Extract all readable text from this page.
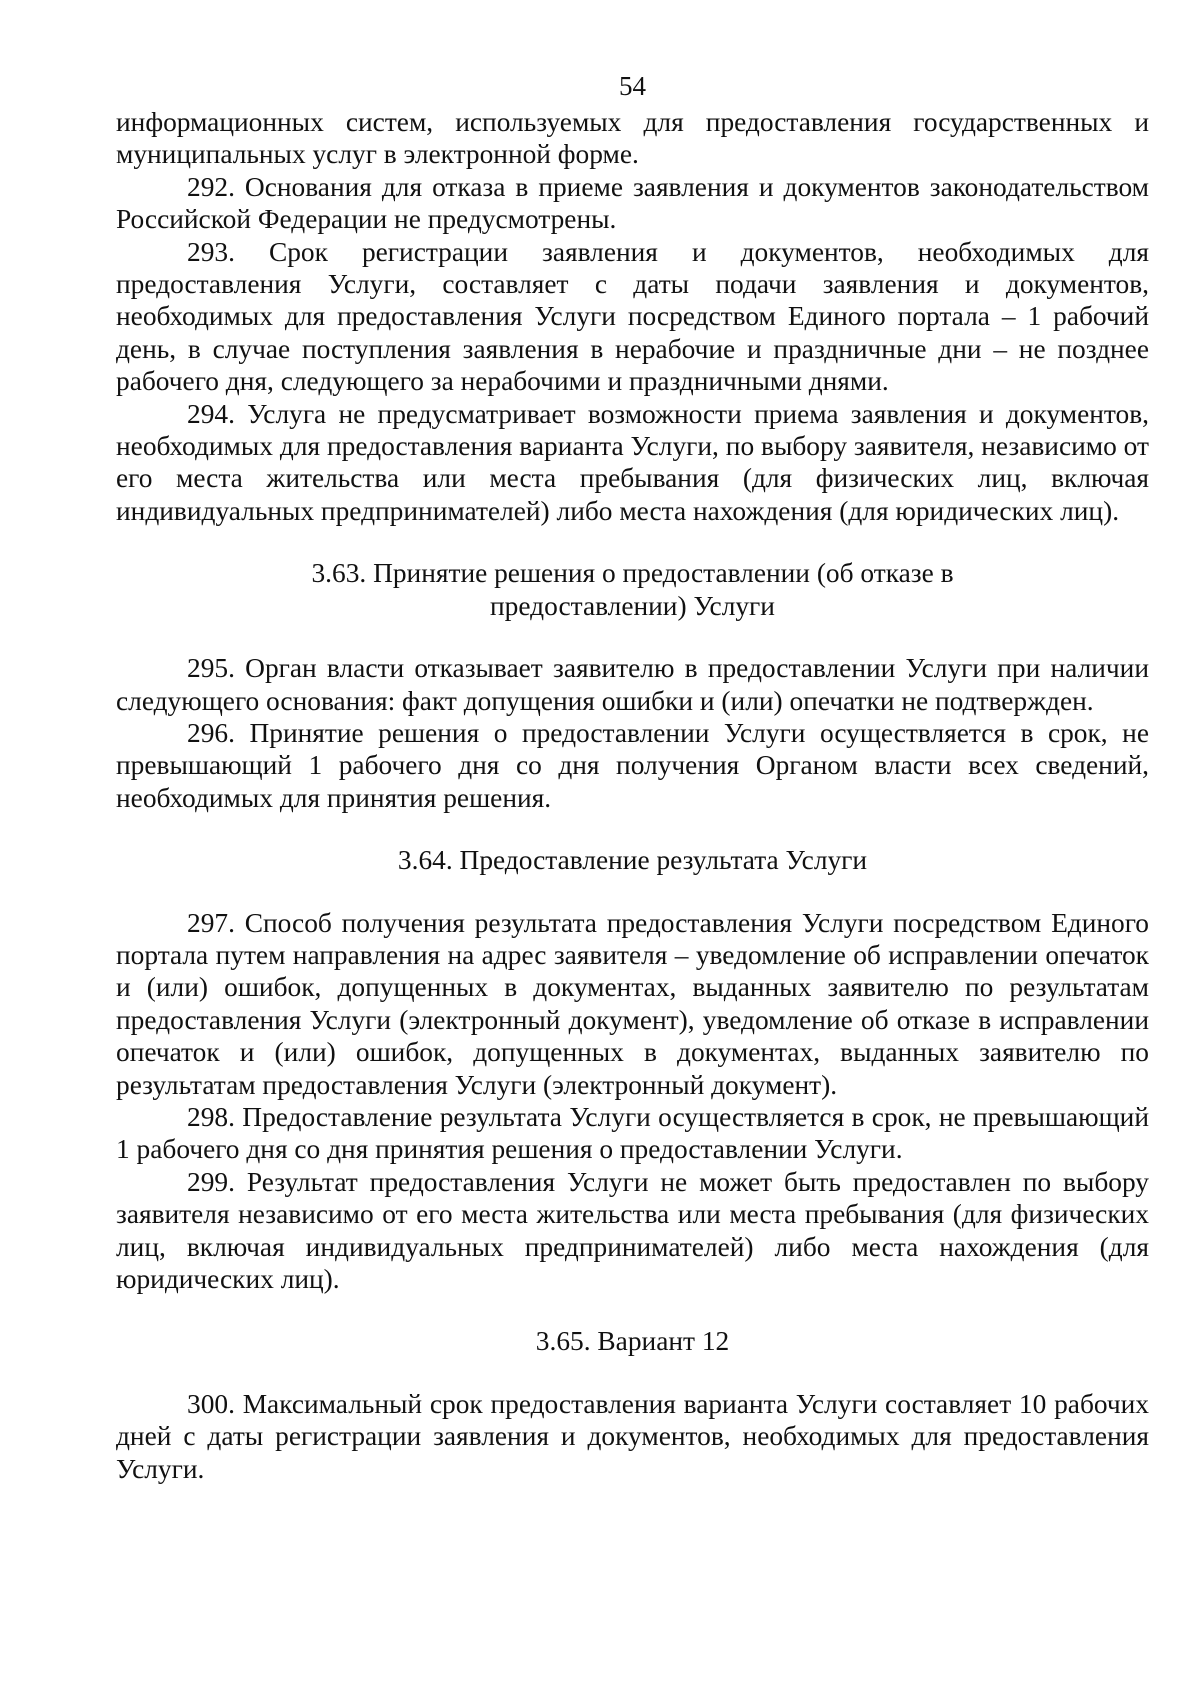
54

информационных систем, используемых для предоставления государственных и муниципальных услуг в электронной форме.

292. Основания для отказа в приеме заявления и документов законодательством Российской Федерации не предусмотрены.

293. Срок регистрации заявления и документов, необходимых для предоставления Услуги, составляет с даты подачи заявления и документов, необходимых для предоставления Услуги посредством Единого портала – 1 рабочий день, в случае поступления заявления в нерабочие и праздничные дни – не позднее рабочего дня, следующего за нерабочими и праздничными днями.

294. Услуга не предусматривает возможности приема заявления и документов, необходимых для предоставления варианта Услуги, по выбору заявителя, независимо от его места жительства или места пребывания (для физических лиц, включая индивидуальных предпринимателей) либо места нахождения (для юридических лиц).

3.63. Принятие решения о предоставлении (об отказе в предоставлении) Услуги

295. Орган власти отказывает заявителю в предоставлении Услуги при наличии следующего основания: факт допущения ошибки и (или) опечатки не подтвержден.

296. Принятие решения о предоставлении Услуги осуществляется в срок, не превышающий 1 рабочего дня со дня получения Органом власти всех сведений, необходимых для принятия решения.

3.64. Предоставление результата Услуги

297. Способ получения результата предоставления Услуги посредством Единого портала путем направления на адрес заявителя – уведомление об исправлении опечаток и (или) ошибок, допущенных в документах, выданных заявителю по результатам предоставления Услуги (электронный документ), уведомление об отказе в исправлении опечаток и (или) ошибок, допущенных в документах, выданных заявителю по результатам предоставления Услуги (электронный документ).

298. Предоставление результата Услуги осуществляется в срок, не превышающий 1 рабочего дня со дня принятия решения о предоставлении Услуги.

299. Результат предоставления Услуги не может быть предоставлен по выбору заявителя независимо от его места жительства или места пребывания (для физических лиц, включая индивидуальных предпринимателей) либо места нахождения (для юридических лиц).

3.65. Вариант 12

300. Максимальный срок предоставления варианта Услуги составляет 10 рабочих дней с даты регистрации заявления и документов, необходимых для предоставления Услуги.
